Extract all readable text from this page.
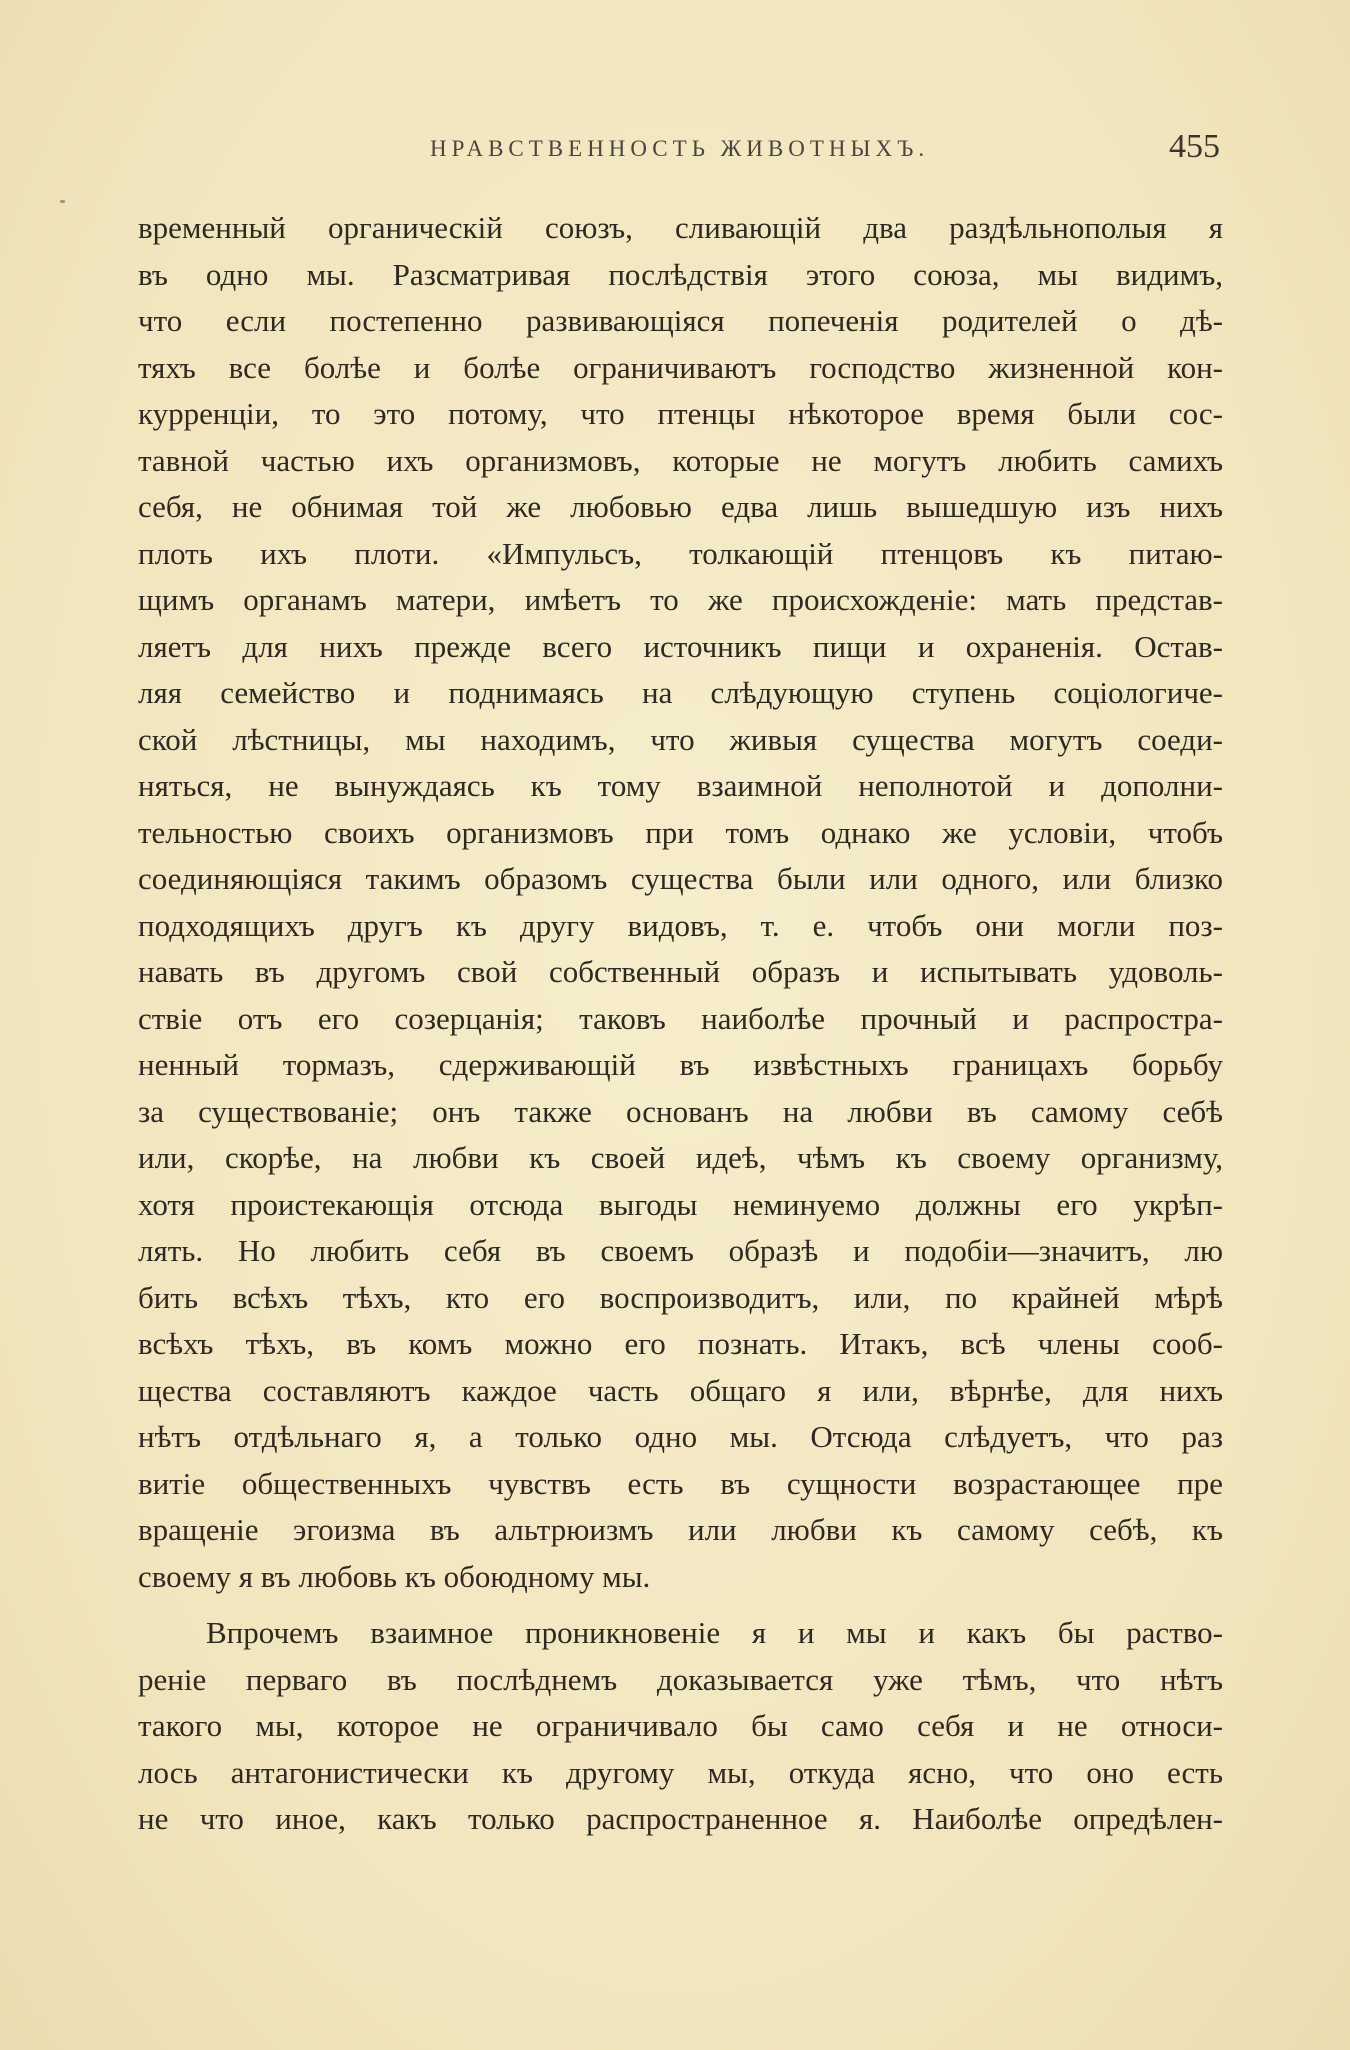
НРАВСТВЕННОСТЬ ЖИВОТНЫХЪ.	455
временный органическiй союзъ, сливающiй два раздѣльнополыя я
въ одно мы. Разсматривая послѣдствiя этого союза, мы видимъ,
что если постепенно развивающiяся попеченiя родителей о дѣ-
тяхъ все болѣе и болѣе ограничиваютъ господство жизненной кон-
курренцiи, то это потому, что птенцы нѣкоторое время были сос-
тавной частью ихъ организмовъ, которые не могутъ любить самихъ
себя, не обнимая той же любовью едва лишь вышедшую изъ нихъ
плоть ихъ плоти. «Импульсъ, толкающiй птенцовъ къ питаю-
щимъ органамъ матери, имѣетъ то же происхожденiе: мать представ-
ляетъ для нихъ прежде всего источникъ пищи и охраненiя. Остав-
ляя семейство и поднимаясь на слѣдующую ступень соцiологиче-
ской лѣстницы, мы находимъ, что живыя существа могутъ соеди-
няться, не вынуждаясь къ тому взаимной неполнотой и дополни-
тельностью своихъ организмовъ при томъ однако же условiи, чтобъ
соединяющiяся такимъ образомъ существа были или одного, или близко
подходящихъ другъ къ другу видовъ, т. е. чтобъ они могли поз-
навать въ другомъ свой собственный образъ и испытывать удоволь-
ствiе отъ его созерцанiя; таковъ наиболѣе прочный и распростра-
ненный тормазъ, сдерживающiй въ извѣстныхъ границахъ борьбу
за существованiе; онъ также основанъ на любви въ самому себѣ
или, скорѣе, на любви къ своей идеѣ, чѣмъ къ своему организму,
хотя проистекающiя отсюда выгоды неминуемо должны его укрѣп-
лять. Но любить себя въ своемъ образѣ и подобiи—значитъ, лю
бить всѣхъ тѣхъ, кто его воспроизводитъ, или, по крайней мѣрѣ
всѣхъ тѣхъ, въ комъ можно его познать. Итакъ, всѣ члены сооб-
щества составляютъ каждое часть общаго я или, вѣрнѣе, для нихъ
нѣтъ отдѣльнаго я, а только одно мы. Отсюда слѣдуетъ, что раз
витiе общественныхъ чувствъ есть въ сущности возрастающее пре
вращенiе эгоизма въ альтрюизмъ или любви къ самому себѣ, къ
своему я въ любовь къ обоюдному мы.
Впрочемъ взаимное проникновенiе я и мы и какъ бы раство-
ренiе перваго въ послѣднемъ доказывается уже тѣмъ, что нѣтъ
такого мы, которое не ограничивало бы само себя и не относи-
лось антагонистически къ другому мы, откуда ясно, что оно есть
не что иное, какъ только распространенное я. Наиболѣе опредѣлен-
